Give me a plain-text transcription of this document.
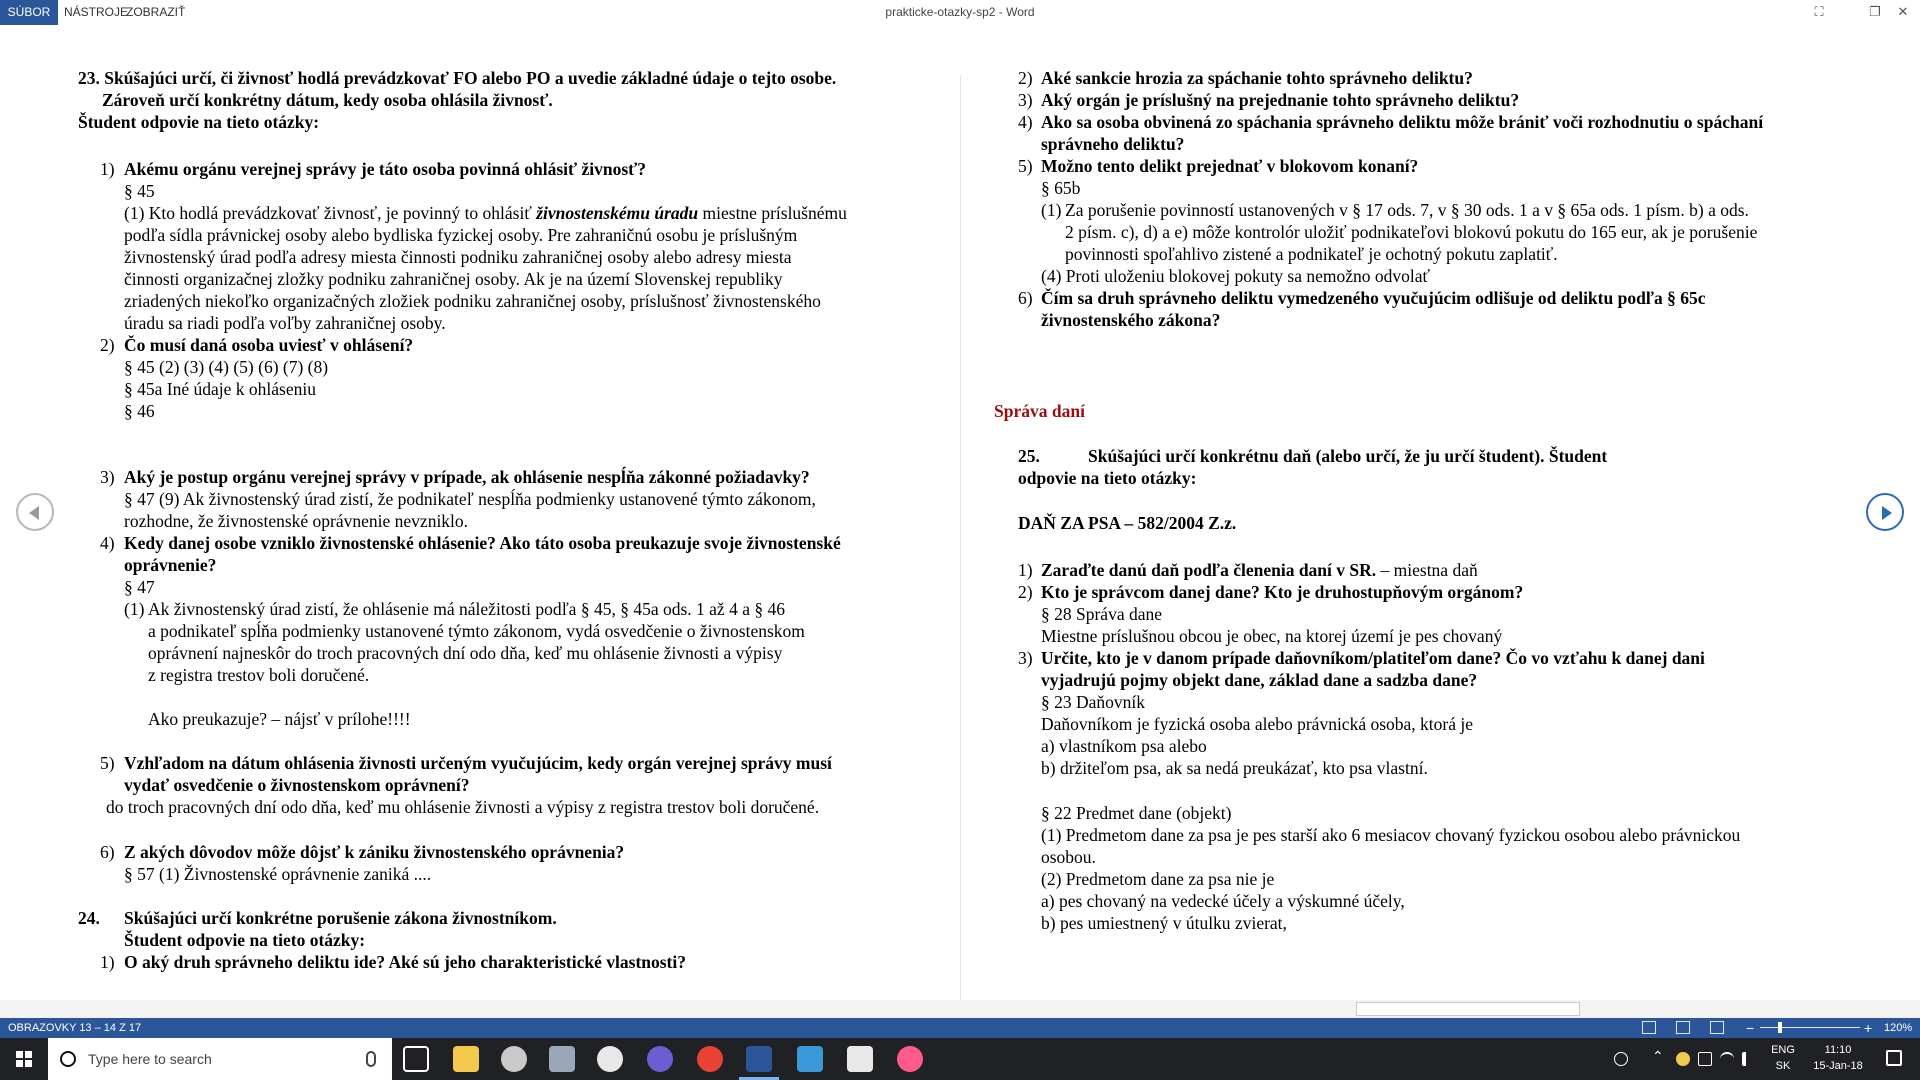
SÚBOR	NÁSTROJE
ZOBRAZIŤ	prakticke-otazky-sp2 - Word	⛶	❐	✕
23. Skúšajúci určí, či živnosť hodlá prevádzkovať FO alebo PO a uvedie základné údaje o tejto osobe.
Zároveň určí konkrétny dátum, kedy osoba ohlásila živnosť.
Študent odpovie na tieto otázky:
1) Akému orgánu verejnej správy je táto osoba povinná ohlásiť živnosť?
§ 45
(1) Kto hodlá prevádzkovať živnosť, je povinný to ohlásiť živnostenskému úradu miestne príslušnému
podľa sídla právnickej osoby alebo bydliska fyzickej osoby. Pre zahraničnú osobu je príslušným
živnostenský úrad podľa adresy miesta činnosti podniku zahraničnej osoby alebo adresy miesta
činnosti organizačnej zložky podniku zahraničnej osoby. Ak je na území Slovenskej republiky
zriadených niekoľko organizačných zložiek podniku zahraničnej osoby, príslušnosť živnostenského
úradu sa riadi podľa voľby zahraničnej osoby.
2) Čo musí daná osoba uviesť v ohlásení?
§ 45 (2) (3) (4) (5) (6) (7) (8)
§ 45a Iné údaje k ohláseniu
§ 46
3) Aký je postup orgánu verejnej správy v prípade, ak ohlásenie nespĺňa zákonné požiadavky?
§ 47 (9) Ak živnostenský úrad zistí, že podnikateľ nespĺňa podmienky ustanovené týmto zákonom,
rozhodne, že živnostenské oprávnenie nevzniklo.
4) Kedy danej osobe vzniklo živnostenské ohlásenie? Ako táto osoba preukazuje svoje živnostenské
oprávnenie?
§ 47
(1) Ak živnostenský úrad zistí, že ohlásenie má náležitosti podľa § 45, § 45a ods. 1 až 4 a § 46
a podnikateľ spĺňa podmienky ustanovené týmto zákonom, vydá osvedčenie o živnostenskom
oprávnení najneskôr do troch pracovných dní odo dňa, keď mu ohlásenie živnosti a výpisy
z registra trestov boli doručené.
Ako preukazuje? – nájsť v prílohe!!!!
5) Vzhľadom na dátum ohlásenia živnosti určeným vyučujúcim, kedy orgán verejnej správy musí
vydať osvedčenie o živnostenskom oprávnení?
do troch pracovných dní odo dňa, keď mu ohlásenie živnosti a výpisy z registra trestov boli doručené.
6) Z akých dôvodov môže dôjsť k zániku živnostenského oprávnenia?
§ 57 (1) Živnostenské oprávnenie zaniká ....
24. Skúšajúci určí konkrétne porušenie zákona živnostníkom.
Študent odpovie na tieto otázky:
1) O aký druh správneho deliktu ide? Aké sú jeho charakteristické vlastnosti?
2) Aké sankcie hrozia za spáchanie tohto správneho deliktu?
3) Aký orgán je príslušný na prejednanie tohto správneho deliktu?
4) Ako sa osoba obvinená zo spáchania správneho deliktu môže brániť voči rozhodnutiu o spáchaní
správneho deliktu?
5) Možno tento delikt prejednať v blokovom konaní?
§ 65b
(1) Za porušenie povinností ustanovených v § 17 ods. 7, v § 30 ods. 1 a v § 65a ods. 1 písm. b) a ods.
2 písm. c), d) a e) môže kontrolór uložiť podnikateľovi blokovú pokutu do 165 eur, ak je porušenie
povinnosti spoľahlivo zistené a podnikateľ je ochotný pokutu zaplatiť.
(4) Proti uloženiu blokovej pokuty sa nemožno odvolať
6) Čím sa druh správneho deliktu vymedzeného vyučujúcim odlišuje od deliktu podľa § 65c
živnostenského zákona?
Správa daní
25.	Skúšajúci určí konkrétnu daň (alebo určí, že ju určí študent). Študent
odpovie na tieto otázky:
DAŇ ZA PSA – 582/2004 Z.z.
1) Zaraďte danú daň podľa členenia daní v SR. – miestna daň
2) Kto je správcom danej dane? Kto je druhostupňovým orgánom?
§ 28 Správa dane
Miestne príslušnou obcou je obec, na ktorej území je pes chovaný
3) Určite, kto je v danom prípade daňovníkom/platiteľom dane? Čo vo vzťahu k danej dani
vyjadrujú pojmy objekt dane, základ dane a sadzba dane?
§ 23 Daňovník
Daňovníkom je fyzická osoba alebo právnická osoba, ktorá je
a) vlastníkom psa alebo
b) držiteľom psa, ak sa nedá preukázať, kto psa vlastní.
§ 22 Predmet dane (objekt)
(1) Predmetom dane za psa je pes starší ako 6 mesiacov chovaný fyzickou osobou alebo právnickou
osobou.
(2) Predmetom dane za psa nie je
a) pes chovaný na vedecké účely a výskumné účely,
b) pes umiestnený v útulku zvierat,
OBRAZOVKY 13 – 14 Z 17	−	+ 120%
Type here to search	⌃	ENG
SK
11:10
15-Jan-18
